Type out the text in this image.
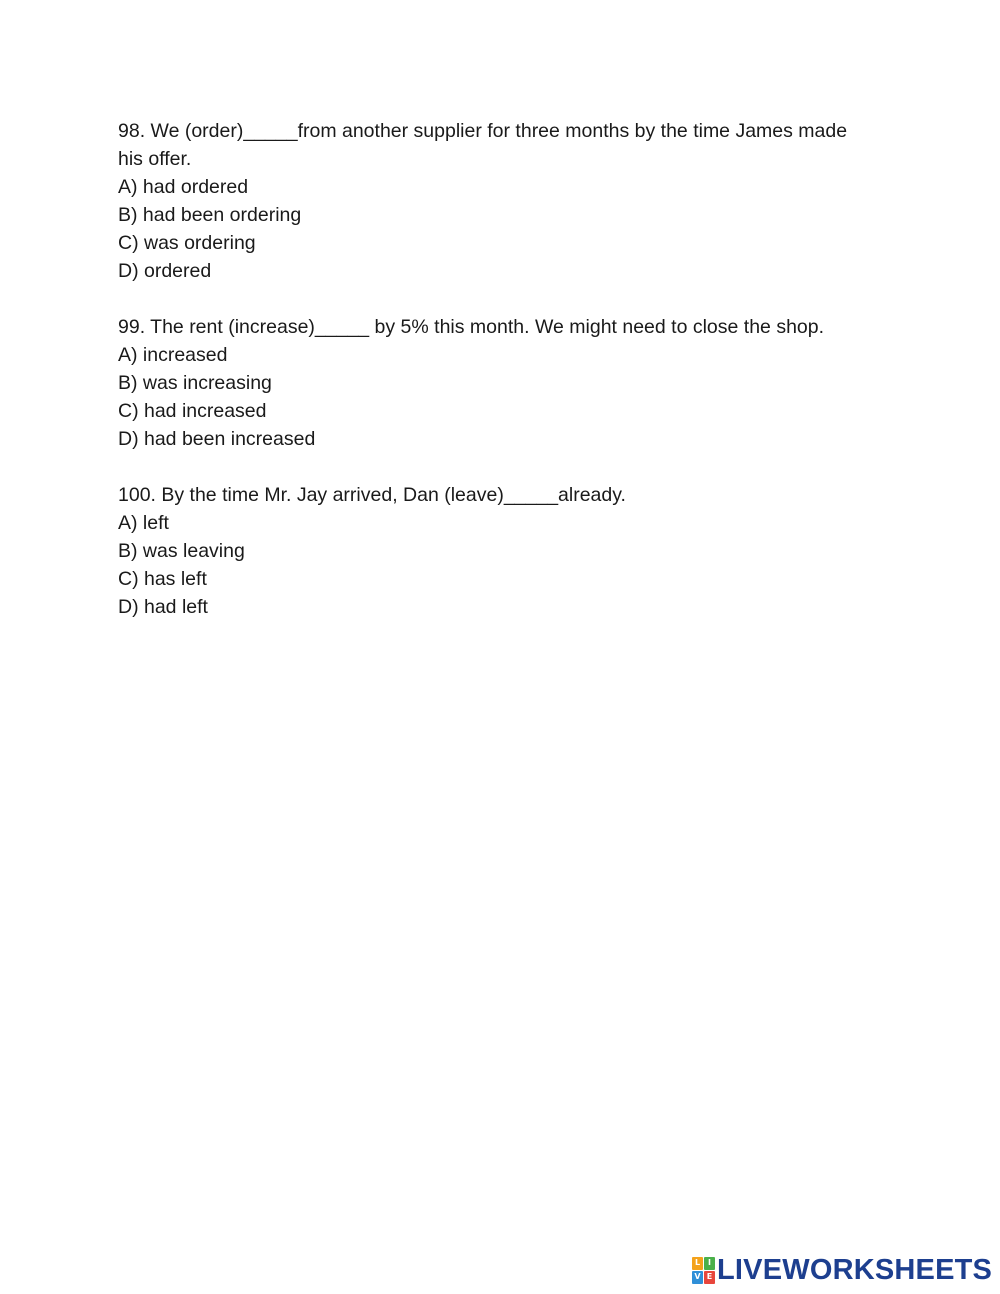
98. We (order)_____from another supplier for three months by the time James made his offer.

A) had ordered

B) had been ordering

C) was ordering

D) ordered

99. The rent (increase)_____ by 5% this month. We might need to close the shop.

A) increased

B) was increasing

C) had increased

D) had been increased

100. By the time Mr. Jay arrived, Dan (leave)_____already.

A) left

B) was leaving

C) has left

D) had left

L I
V E LIVEWORKSHEETS
